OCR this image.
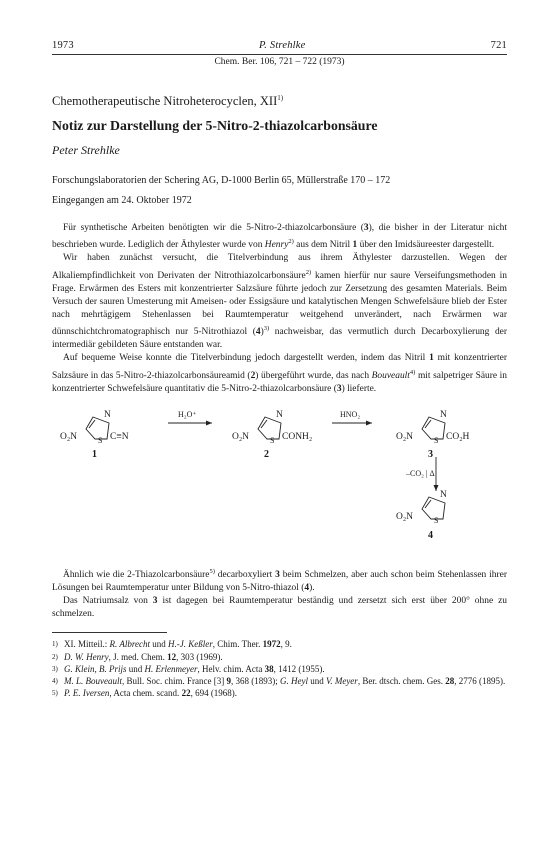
1973	P. Strehlke	721
Chem. Ber. 106, 721 – 722 (1973)
Chemotherapeutische Nitroheterocyclen, XII$^{1)}$
Notiz zur Darstellung der 5-Nitro-2-thiazolcarbonsäure
Peter Strehlke
Forschungslaboratorien der Schering AG, D-1000 Berlin 65, Müllerstraße 170 – 172
Eingegangen am 24. Oktober 1972

Für synthetische Arbeiten benötigten wir die 5-Nitro-2-thiazolcarbonsäure (3), die bisher in der Literatur nicht beschrieben wurde. Lediglich der Äthylester wurde von Henry$^{2)}$ aus dem Nitril 1 über den Imidsäureester dargestellt.

Wir haben zunächst versucht, die Titelverbindung aus ihrem Äthylester darzustellen. Wegen der Alkaliempfindlichkeit von Derivaten der Nitrothiazolcarbonsäure$^{2)}$ kamen hierfür nur saure Verseifungsmethoden in Frage. Erwärmen des Esters mit konzentrierter Salzsäure führte jedoch zur Zersetzung des gesamten Materials. Beim Versuch der sauren Umesterung mit Ameisen- oder Essigsäure und katalytischen Mengen Schwefelsäure blieb der Ester nach mehrtägigem Stehenlassen bei Raumtemperatur weitgehend unverändert, nach Erwärmen war dünnschichtchromatographisch nur 5-Nitrothiazol $(4)^{3)}$ nachweisbar, das vermutlich durch Decarboxylierung der intermediär gebildeten Säure entstanden war.

Auf bequeme Weise konnte die Titelverbindung jedoch dargestellt werden, indem das Nitril 1 mit konzentrierter Salzsäure in das 5-Nitro-2-thiazolcarbonsäureamid (2) übergeführt wurde, das nach Bouveault$^{4)}$ mit salpetriger Säure in konzentrierter Schwefelsäure quantitativ die 5-Nitro-2-thiazolcarbonsäure (3) lieferte.

N
S
O₂N	C≡N
N
S
O₂N	CONH₂
N
S
O₂N	CO₂H
N
S
O₂N
H₂O⁺	HNO₂
–CO₂ | Δ
1	2	3
4

Ähnlich wie die 2-Thiazolcarbonsäure$^{5)}$ decarboxyliert 3 beim Schmelzen, aber auch schon beim Stehenlassen ihrer Lösungen bei Raumtemperatur unter Bildung von 5-Nitro-thiazol (4).

Das Natriumsalz von 3 ist dagegen bei Raumtemperatur beständig und zersetzt sich erst über 200° ohne zu schmelzen.

1) XI. Mitteil.: R. Albrecht und H.-J. Keßler, Chim. Ther. 1972, 9.
2) D. W. Henry, J. med. Chem. 12, 303 (1969).
3) G. Klein, B. Prijs und H. Erlenmeyer, Helv. chim. Acta 38, 1412 (1955).
4) M. L. Bouveault, Bull. Soc. chim. France [3] 9, 368 (1893); G. Heyl und V. Meyer, Ber. dtsch. chem. Ges. 28, 2776 (1895).
5) P. E. Iversen, Acta chem. scand. 22, 694 (1968).
